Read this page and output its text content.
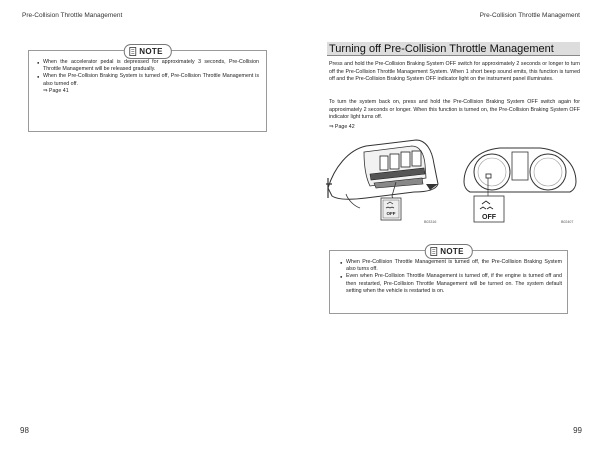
Pre-Collision Throttle Management
NOTE

● When the accelerator pedal is depressed for approximately 3 seconds, Pre-Collision Throttle Management will be released gradually.

● When the Pre-Collision Braking System is turned off, Pre-Collision Throttle Management is also turned off.

⇒ Page 41
98
Pre-Collision Throttle Management
Turning off Pre-Collision Throttle Management

Press and hold the Pre-Collision Braking System OFF switch for approximately 2 seconds or longer to turn off the Pre-Collision Throttle Management System. When 1 short beep sound emits, this function is turned off and the Pre-Collision Braking System OFF indicator light on the instrument panel illuminates.

To turn the system back on, press and hold the Pre-Collision Braking System OFF switch again for approximately 2 seconds or longer. When this function is turned on, the Pre-Collision Braking System OFF indicator light turns off.

⇒ Page 42
OFF
B03316
OFF
B02407
NOTE

● When Pre-Collision Throttle Management is turned off, the Pre-Collision Braking System also turns off.

● Even when Pre-Collision Throttle Management is turned off, if the engine is turned off and then restarted, Pre-Collision Throttle Management will be turned on. The system default setting when the vehicle is restarted is on.

99
